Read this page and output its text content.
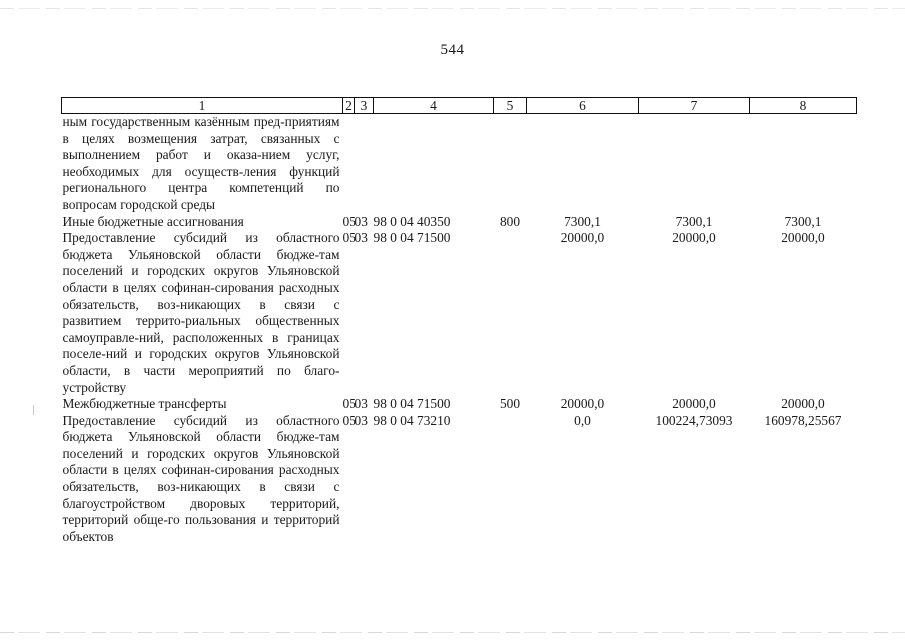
544
1	2	3	4	5	6	7	8
ным государственным казённым пред-приятиям в целях возмещения затрат, связанных с выполнением работ и оказа-нием услуг, необходимых для осуществ-ления функций регионального центра компетенций по вопросам городской среды							
Иные бюджетные ассигнования	05	03	98 0 04 40350	800	7300,1	7300,1	7300,1
Предоставление субсидий из областного бюджета Ульяновской области бюдже-там поселений и городских округов Ульяновской области в целях софинан-сирования расходных обязательств, воз-никающих в связи с развитием террито-риальных общественных самоуправле-ний, расположенных в границах поселе-ний и городских округов Ульяновской области, в части мероприятий по благо-устройству	05	03	98 0 04 71500		20000,0	20000,0	20000,0
Межбюджетные трансферты	05	03	98 0 04 71500	500	20000,0	20000,0	20000,0
Предоставление субсидий из областного бюджета Ульяновской области бюдже-там поселений и городских округов Ульяновской области в целях софинан-сирования расходных обязательств, воз-никающих в связи с благоустройством дворовых территорий, территорий обще-го пользования и территорий объектов	05	03	98 0 04 73210		0,0	100224,73093	160978,25567
